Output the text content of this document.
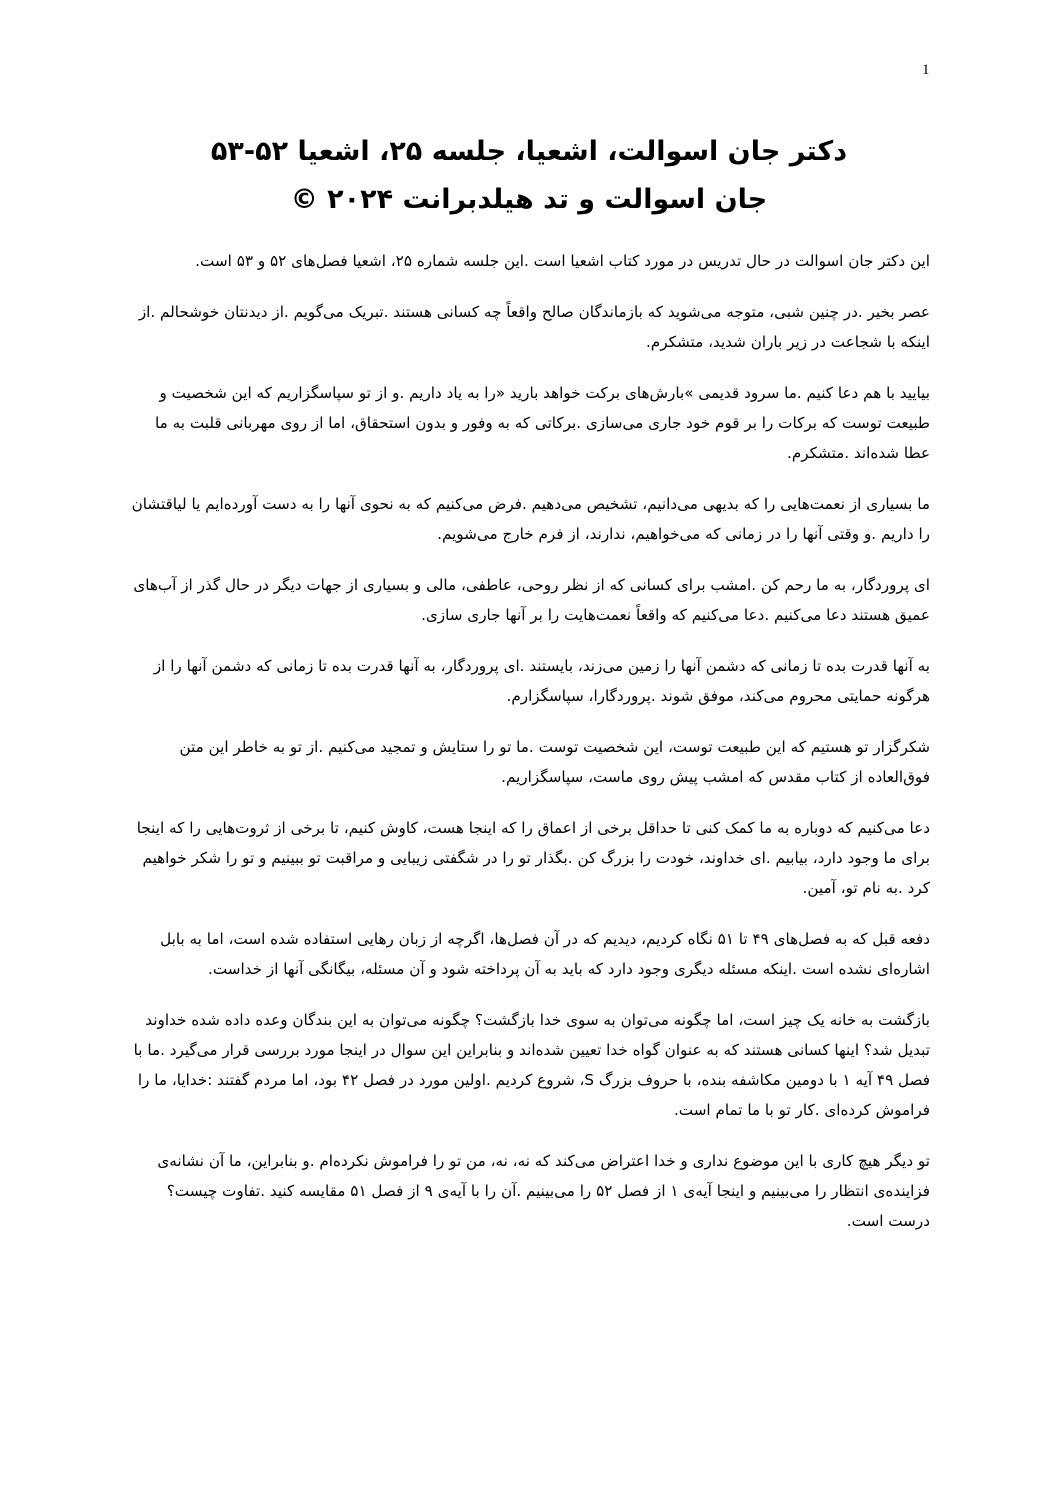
1
دکتر جان اسوالت، اشعیا، جلسه ۲۵، اشعیا ۵۲-۵۳
جان اسوالت و تد هیلدبرانت ۲۰۲۴ ©

این دکتر جان اسوالت در حال تدریس در مورد کتاب اشعیا است .این جلسه شماره ۲۵، اشعیا فصل‌های ۵۲ و ۵۳ است.

عصر بخیر .در چنین شبی، متوجه می‌شوید که بازماندگان صالح واقعاً چه کسانی هستند .تبریک می‌گویم .از دیدنتان خوشحالم .از اینکه با شجاعت در زیر باران شدید، متشکرم.

بیایید با هم دعا کنیم .ما سرود قدیمی »بارش‌های برکت خواهد بارید «را به یاد داریم .و از تو سپاسگزاریم که این شخصیت و طبیعت توست که برکات را بر قوم خود جاری می‌سازی .برکاتی که به وفور و بدون استحقاق، اما از روی مهربانی قلبت به ما عطا شده‌اند .متشکرم.

ما بسیاری از نعمت‌هایی را که بدیهی می‌دانیم، تشخیص می‌دهیم .فرض می‌کنیم که به نحوی آنها را به دست آورده‌ایم یا لیاقتشان را داریم .و وقتی آنها را در زمانی که می‌خواهیم، ندارند، از فرم خارج می‌شویم.

ای پروردگار، به ما رحم کن .امشب برای کسانی که از نظر روحی، عاطفی، مالی و بسیاری از جهات دیگر در حال گذر از آب‌های عمیق هستند دعا می‌کنیم .دعا می‌کنیم که واقعاً نعمت‌هایت را بر آنها جاری سازی.

به آنها قدرت بده تا زمانی که دشمن آنها را زمین می‌زند، بایستند .ای پروردگار، به آنها قدرت بده تا زمانی که دشمن آنها را از هرگونه حمایتی محروم می‌کند، موفق شوند .پروردگارا، سپاسگزارم.

شکرگزار تو هستیم که این طبیعت توست، این شخصیت توست .ما تو را ستایش و تمجید می‌کنیم .از تو به خاطر این متن فوق‌العاده از کتاب مقدس که امشب پیش روی ماست، سپاسگزاریم.

دعا می‌کنیم که دوباره به ما کمک کنی تا حداقل برخی از اعماق را که اینجا هست، کاوش کنیم، تا برخی از ثروت‌هایی را که اینجا برای ما وجود دارد، بیابیم .ای خداوند، خودت را بزرگ کن .بگذار تو را در شگفتی زیبایی و مراقبت تو ببینیم و تو را شکر خواهیم کرد .به نام تو، آمین.

دفعه قبل که به فصل‌های ۴۹ تا ۵۱ نگاه کردیم، دیدیم که در آن فصل‌ها، اگرچه از زبان رهایی استفاده شده است، اما به بابل اشاره‌ای نشده است .اینکه مسئله دیگری وجود دارد که باید به آن پرداخته شود و آن مسئله، بیگانگی آنها از خداست.

بازگشت به خانه یک چیز است، اما چگونه می‌توان به سوی خدا بازگشت؟ چگونه می‌توان به این بندگان وعده داده شده خداوند تبدیل شد؟ اینها کسانی هستند که به عنوان گواه خدا تعیین شده‌اند و بنابراین این سوال در اینجا مورد بررسی قرار می‌گیرد .ما با فصل ۴۹ آیه ۱ با دومین مکاشفه بنده، با حروف بزرگ S، شروع کردیم .اولین مورد در فصل ۴۲ بود، اما مردم گفتند :خدایا، ما را فراموش کرده‌ای .کار تو با ما تمام است.

تو دیگر هیچ کاری با این موضوع نداری و خدا اعتراض می‌کند که نه، نه، من تو را فراموش نکرده‌ام .و بنابراین، ما آن نشانه‌ی فزاینده‌ی انتظار را می‌بینیم و اینجا آیه‌ی ۱ از فصل ۵۲ را می‌بینیم .آن را با آیه‌ی ۹ از فصل ۵۱ مقایسه کنید .تفاوت چیست؟ درست است.
